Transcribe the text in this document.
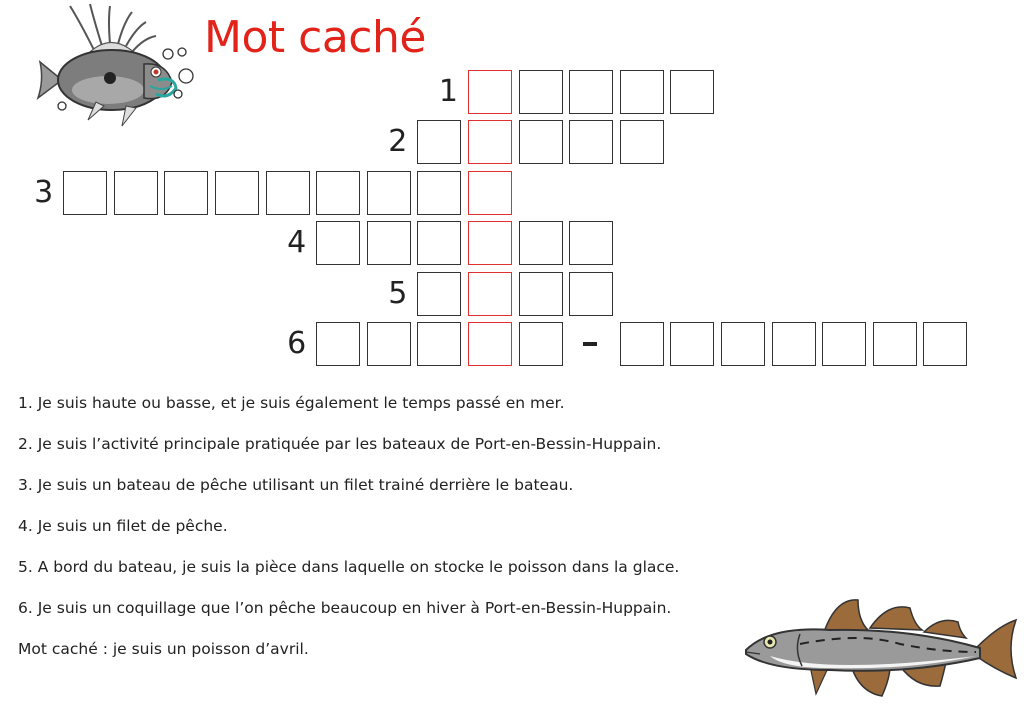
Mot caché
1
2
3
4
5
6

1. Je suis haute ou basse, et je suis également le temps passé en mer.

2. Je suis l’activité principale pratiquée par les bateaux de Port-en-Bessin-Huppain.

3. Je suis un bateau de pêche utilisant un filet trainé derrière le bateau.

4. Je suis un filet de pêche.

5. A bord du bateau, je suis la pièce dans laquelle on stocke le poisson dans la glace.

6. Je suis un coquillage que l’on pêche beaucoup en hiver à Port-en-Bessin-Huppain.

Mot caché : je suis un poisson d’avril.
